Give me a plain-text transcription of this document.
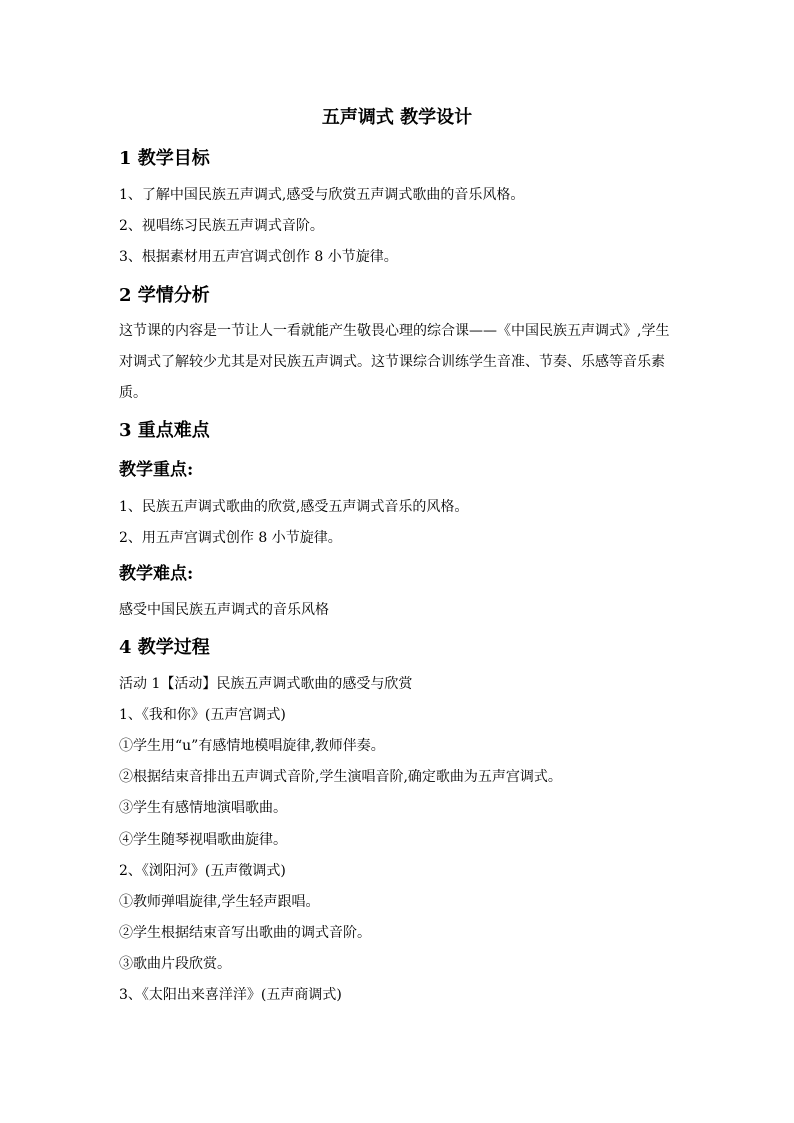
五声调式 教学设计
1 教学目标
1、了解中国民族五声调式,感受与欣赏五声调式歌曲的音乐风格。
2、视唱练习民族五声调式音阶。
3、根据素材用五声宫调式创作 8 小节旋律。
2 学情分析
这节课的内容是一节让人一看就能产生敬畏心理的综合课——《中国民族五声调式》,学生
对调式了解较少尤其是对民族五声调式。这节课综合训练学生音准、节奏、乐感等音乐素
质。
3 重点难点
教学重点:
1、民族五声调式歌曲的欣赏,感受五声调式音乐的风格。
2、用五声宫调式创作 8 小节旋律。
教学难点:
感受中国民族五声调式的音乐风格
4 教学过程
活动 1【活动】民族五声调式歌曲的感受与欣赏
1、《我和你》(五声宫调式)
①学生用“u”有感情地模唱旋律,教师伴奏。
②根据结束音排出五声调式音阶,学生演唱音阶,确定歌曲为五声宫调式。
③学生有感情地演唱歌曲。
④学生随琴视唱歌曲旋律。
2、《浏阳河》(五声徵调式)
①教师弹唱旋律,学生轻声跟唱。
②学生根据结束音写出歌曲的调式音阶。
③歌曲片段欣赏。
3、《太阳出来喜洋洋》(五声商调式)
